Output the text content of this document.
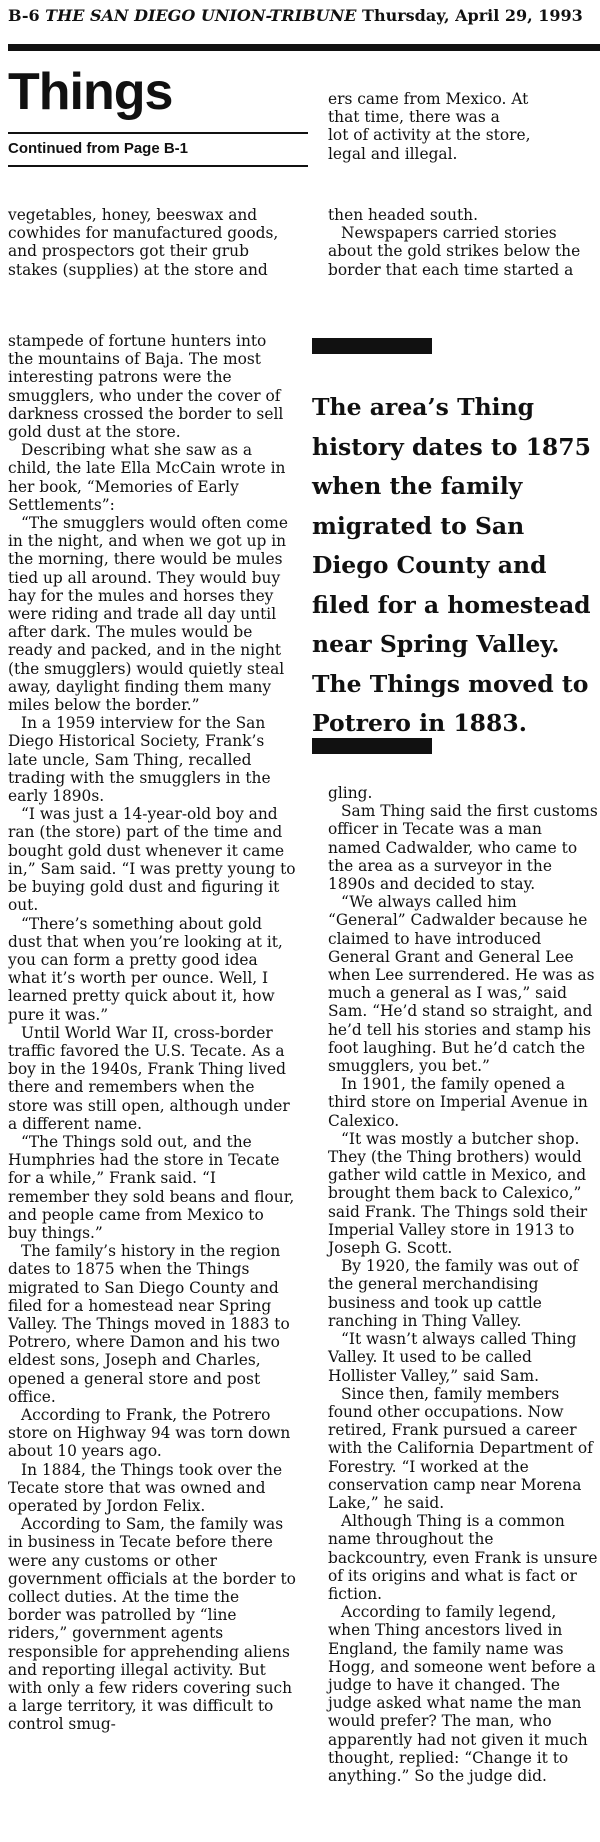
B-6 THE SAN DIEGO UNION-TRIBUNE Thursday, April 29, 1993
Things
Continued from Page B-1

ers came from Mexico. At

that time, there was a

lot of activity at the store,

legal and illegal.

vegetables, honey, beeswax and

cowhides for manufactured goods,

and prospectors got their grub

stakes (supplies) at the store and

then headed south.

Newspapers carried stories

about the gold strikes below the

border that each time started a

stampede of fortune hunters into the mountains of Baja. The most interesting patrons were the smugglers, who under the cover of darkness crossed the border to sell gold dust at the store.

Describing what she saw as a child, the late Ella McCain wrote in her book, “Memories of Early Settlements”:

“The smugglers would often come in the night, and when we got up in the morning, there would be mules tied up all around. They would buy hay for the mules and horses they were riding and trade all day until after dark. The mules would be ready and packed, and in the night (the smugglers) would quietly steal away, daylight finding them many miles below the border.”

In a 1959 interview for the San Diego Historical Society, Frank’s late uncle, Sam Thing, recalled trading with the smugglers in the early 1890s.

“I was just a 14-year-old boy and ran (the store) part of the time and bought gold dust whenever it came in,” Sam said. “I was pretty young to be buying gold dust and figuring it out.

“There’s something about gold dust that when you’re looking at it, you can form a pretty good idea what it’s worth per ounce. Well, I learned pretty quick about it, how pure it was.”

Until World War II, cross-border traffic favored the U.S. Tecate. As a boy in the 1940s, Frank Thing lived there and remembers when the store was still open, although under a different name.

“The Things sold out, and the Humphries had the store in Tecate for a while,” Frank said. “I remember they sold beans and flour, and people came from Mexico to buy things.”

The family’s history in the region dates to 1875 when the Things migrated to San Diego County and filed for a homestead near Spring Valley. The Things moved in 1883 to Potrero, where Damon and his two eldest sons, Joseph and Charles, opened a general store and post office.

According to Frank, the Potrero store on Highway 94 was torn down about 10 years ago.

In 1884, the Things took over the Tecate store that was owned and operated by Jordon Felix.

According to Sam, the family was in business in Tecate before there were any customs or other government officials at the border to collect duties. At the time the border was patrolled by “line riders,” government agents responsible for apprehending aliens and reporting illegal activity. But with only a few riders covering such a large territory, it was difficult to control smug-

The area’s Thing history dates to 1875 when the family migrated to San Diego County and filed for a homestead near Spring Valley. The Things moved to Potrero in 1883.

gling.

Sam Thing said the first customs officer in Tecate was a man named Cadwalder, who came to the area as a surveyor in the 1890s and decided to stay.

“We always called him “General” Cadwalder because he claimed to have introduced General Grant and General Lee when Lee surrendered. He was as much a general as I was,” said Sam. “He’d stand so straight, and he’d tell his stories and stamp his foot laughing. But he’d catch the smugglers, you bet.”

In 1901, the family opened a third store on Imperial Avenue in Calexico.

“It was mostly a butcher shop. They (the Thing brothers) would gather wild cattle in Mexico, and brought them back to Calexico,” said Frank. The Things sold their Imperial Valley store in 1913 to Joseph G. Scott.

By 1920, the family was out of the general merchandising business and took up cattle ranching in Thing Valley.

“It wasn’t always called Thing Valley. It used to be called Hollister Valley,” said Sam.

Since then, family members found other occupations. Now retired, Frank pursued a career with the California Department of Forestry. “I worked at the conservation camp near Morena Lake,” he said.

Although Thing is a common name throughout the backcountry, even Frank is unsure of its origins and what is fact or fiction.

According to family legend, when Thing ancestors lived in England, the family name was Hogg, and someone went before a judge to have it changed. The judge asked what name the man would prefer? The man, who apparently had not given it much thought, replied: “Change it to anything.” So the judge did.
